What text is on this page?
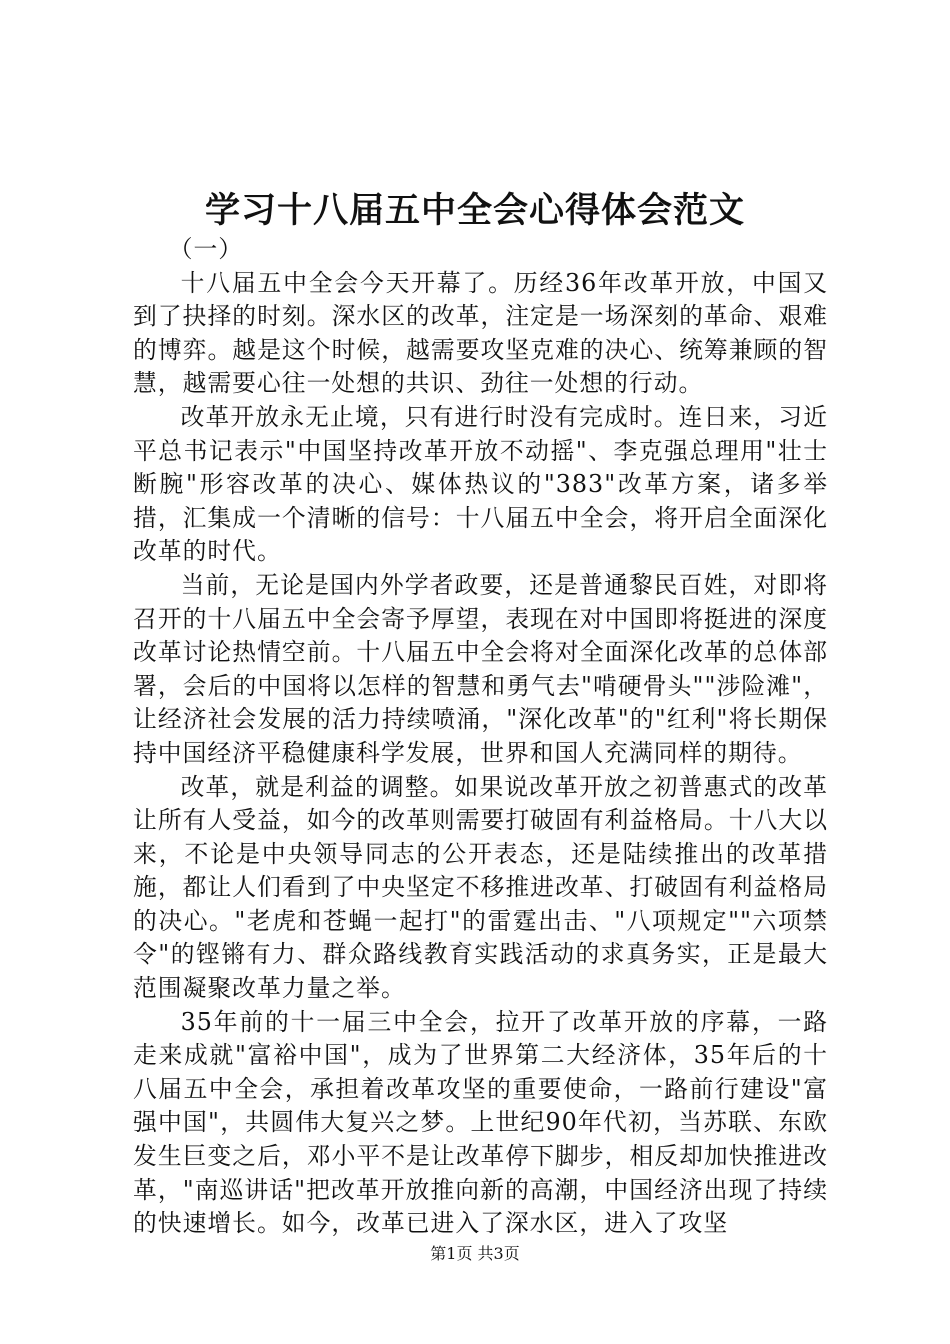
学习十八届五中全会心得体会范文

（一）

十八届五中全会今天开幕了。历经36年改革开放，中国又到了抉择的时刻。深水区的改革，注定是一场深刻的革命、艰难的博弈。越是这个时候，越需要攻坚克难的决心、统筹兼顾的智慧，越需要心往一处想的共识、劲往一处想的行动。

改革开放永无止境，只有进行时没有完成时。连日来，习近平总书记表示"中国坚持改革开放不动摇"、李克强总理用"壮士断腕"形容改革的决心、媒体热议的"383"改革方案，诸多举措，汇集成一个清晰的信号：十八届五中全会，将开启全面深化改革的时代。

当前，无论是国内外学者政要，还是普通黎民百姓，对即将召开的十八届五中全会寄予厚望，表现在对中国即将挺进的深度改革讨论热情空前。十八届五中全会将对全面深化改革的总体部署，会后的中国将以怎样的智慧和勇气去"啃硬骨头""涉险滩"，让经济社会发展的活力持续喷涌，"深化改革"的"红利"将长期保持中国经济平稳健康科学发展，世界和国人充满同样的期待。

改革，就是利益的调整。如果说改革开放之初普惠式的改革让所有人受益，如今的改革则需要打破固有利益格局。十八大以来，不论是中央领导同志的公开表态，还是陆续推出的改革措施，都让人们看到了中央坚定不移推进改革、打破固有利益格局的决心。"老虎和苍蝇一起打"的雷霆出击、"八项规定""六项禁令"的铿锵有力、群众路线教育实践活动的求真务实，正是最大范围凝聚改革力量之举。

35年前的十一届三中全会，拉开了改革开放的序幕，一路走来成就"富裕中国"，成为了世界第二大经济体，35年后的十八届五中全会，承担着改革攻坚的重要使命，一路前行建设"富强中国"，共圆伟大复兴之梦。上世纪90年代初，当苏联、东欧发生巨变之后，邓小平不是让改革停下脚步，相反却加快推进改革，"南巡讲话"把改革开放推向新的高潮，中国经济出现了持续的快速增长。如今，改革已进入了深水区，进入了攻坚

第1页 共3页
